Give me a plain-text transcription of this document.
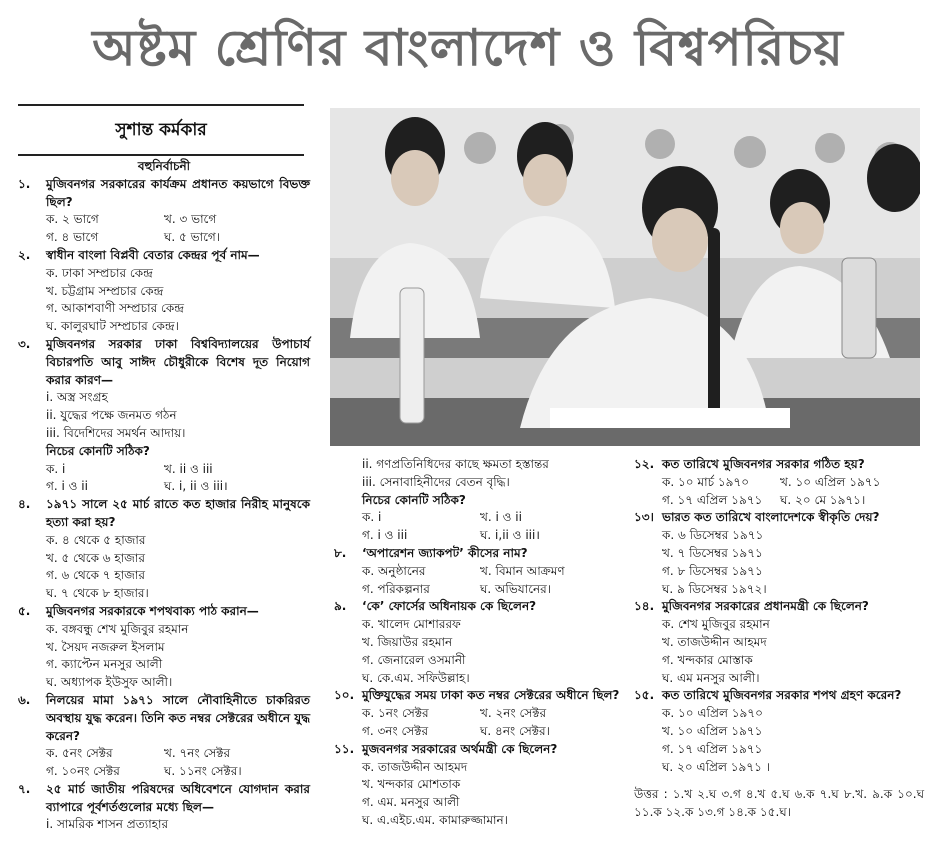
অষ্টম শ্রেণির বাংলাদেশ ও বিশ্বপরিচয়
সুশান্ত কর্মকার
বহুনির্বাচনী
১.	মুজিবনগর সরকারের কার্যক্রম প্রধানত কয়ভাগে বিভক্ত ছিল?
ক. ২ ভাগে	খ. ৩ ভাগে
গ. ৪ ভাগে	ঘ. ৫ ভাগে।
২.	স্বাধীন বাংলা বিপ্লবী বেতার কেন্দ্রর পূর্ব নাম—
ক. ঢাকা সম্প্রচার কেন্দ্র
খ. চট্টগ্রাম সম্প্রচার কেন্দ্র
গ. আকাশবাণী সম্প্রচার কেন্দ্র
ঘ. কালুরঘাট সম্প্রচার কেন্দ্র।
৩.	মুজিবনগর সরকার ঢাকা বিশ্ববিদ্যালয়ের উপাচার্য বিচারপতি আবু সাঈদ চৌধুরীকে বিশেষ দূত নিয়োগ করার কারণ—
i. অস্ত্র সংগ্রহ
ii. যুদ্ধের পক্ষে জনমত গঠন
iii. বিদেশিদের সমর্থন আদায়।
নিচের কোনটি সঠিক?
ক. i	খ. ii ও iii
গ. i ও ii	ঘ. i, ii ও iii।
৪.	১৯৭১ সালে ২৫ মার্চ রাতে কত হাজার নিরীহ মানুষকে হত্যা করা হয়?
ক. ৪ থেকে ৫ হাজার
খ. ৫ থেকে ৬ হাজার
গ. ৬ থেকে ৭ হাজার
ঘ. ৭ থেকে ৮ হাজার।
৫.	মুজিবনগর সরকারকে শপথবাক্য পাঠ করান—
ক. বঙ্গবন্ধু শেখ মুজিবুর রহমান
খ. সৈয়দ নজরুল ইসলাম
গ. ক্যাপ্টেন মনসুর আলী
ঘ. অধ্যাপক ইউসুফ আলী।
৬.	নিলয়ের মামা ১৯৭১ সালে নৌবাহিনীতে চাকরিরত অবস্থায় যুদ্ধ করেন। তিনি কত নম্বর সেক্টরের অধীনে যুদ্ধ করেন?
ক. ৫নং সেক্টর	খ. ৭নং সেক্টর
গ. ১০নং সেক্টর	ঘ. ১১নং সেক্টর।
৭.	২৫ মার্চ জাতীয় পরিষদের অধিবেশনে যোগদান করার ব্যাপারে পূর্বশর্তগুলোর মধ্যে ছিল—
i. সামরিক শাসন প্রত্যাহার
ii. গণপ্রতিনিধিদের কাছে ক্ষমতা হস্তান্তর
iii. সেনাবাহিনীদের বেতন বৃদ্ধি।
নিচের কোনটি সঠিক?
ক. i	খ. i ও ii
গ. i ও iii	ঘ. i,ii ও iii।
৮.	‘অপারেশন জ্যাকপট’ কীসের নাম?
ক. অনুষ্ঠানের	খ. বিমান আক্রমণ
গ. পরিকল্পনার	ঘ. অভিযানের।
৯.	‘কে’ ফোর্সের অধিনায়ক কে ছিলেন?
ক. খালেদ মোশাররফ
খ. জিয়াউর রহমান
গ. জেনারেল ওসমানী
ঘ. কে.এম. সফিউল্লাহ।
১০. মুক্তিযুদ্ধের সময় ঢাকা কত নম্বর সেক্টরের অধীনে ছিল?
ক. ১নং সেক্টর	খ. ২নং সেক্টর
গ. ৩নং সেক্টর	ঘ. ৪নং সেক্টর।
১১. মুজবনগর সরকারের অর্থমন্ত্রী কে ছিলেন?
ক. তাজউদ্দীন আহমদ
খ. খন্দকার মোশতাক
গ. এম. মনসুর আলী
ঘ. এ.এইচ.এম. কামারুজ্জামান।
১২. কত তারিখে মুজিবনগর সরকার গঠিত হয়?
ক. ১০ মার্চ ১৯৭০	খ. ১০ এপ্রিল ১৯৭১
গ. ১৭ এপ্রিল ১৯৭১	ঘ. ২০ মে ১৯৭১।
১৩। ভারত কত তারিখে বাংলাদেশকে স্বীকৃতি দেয়?
ক. ৬ ডিসেম্বর ১৯৭১
খ. ৭ ডিসেম্বর ১৯৭১
গ. ৮ ডিসেম্বর ১৯৭১
ঘ. ৯ ডিসেম্বর ১৯৭২।
১৪. মুজিবনগর সরকারের প্রধানমন্ত্রী কে ছিলেন?
ক. শেখ মুজিবুর রহমান
খ. তাজউদ্দীন আহমদ
গ. খন্দকার মোস্তাক
ঘ. এম মনসুর আলী।
১৫. কত তারিখে মুজিবনগর সরকার শপথ গ্রহণ করেন?
ক. ১০ এপ্রিল ১৯৭০
খ. ১০ এপ্রিল ১৯৭১
গ. ১৭ এপ্রিল ১৯৭১
ঘ. ২০ এপ্রিল ১৯৭১ ।
উত্তর : ১.খ ২.ঘ ৩.গ ৪.খ ৫.ঘ ৬.ক ৭.ঘ ৮.খ. ৯.ক ১০.ঘ ১১.ক ১২.ক ১৩.গ ১৪.ক ১৫.ঘ।
